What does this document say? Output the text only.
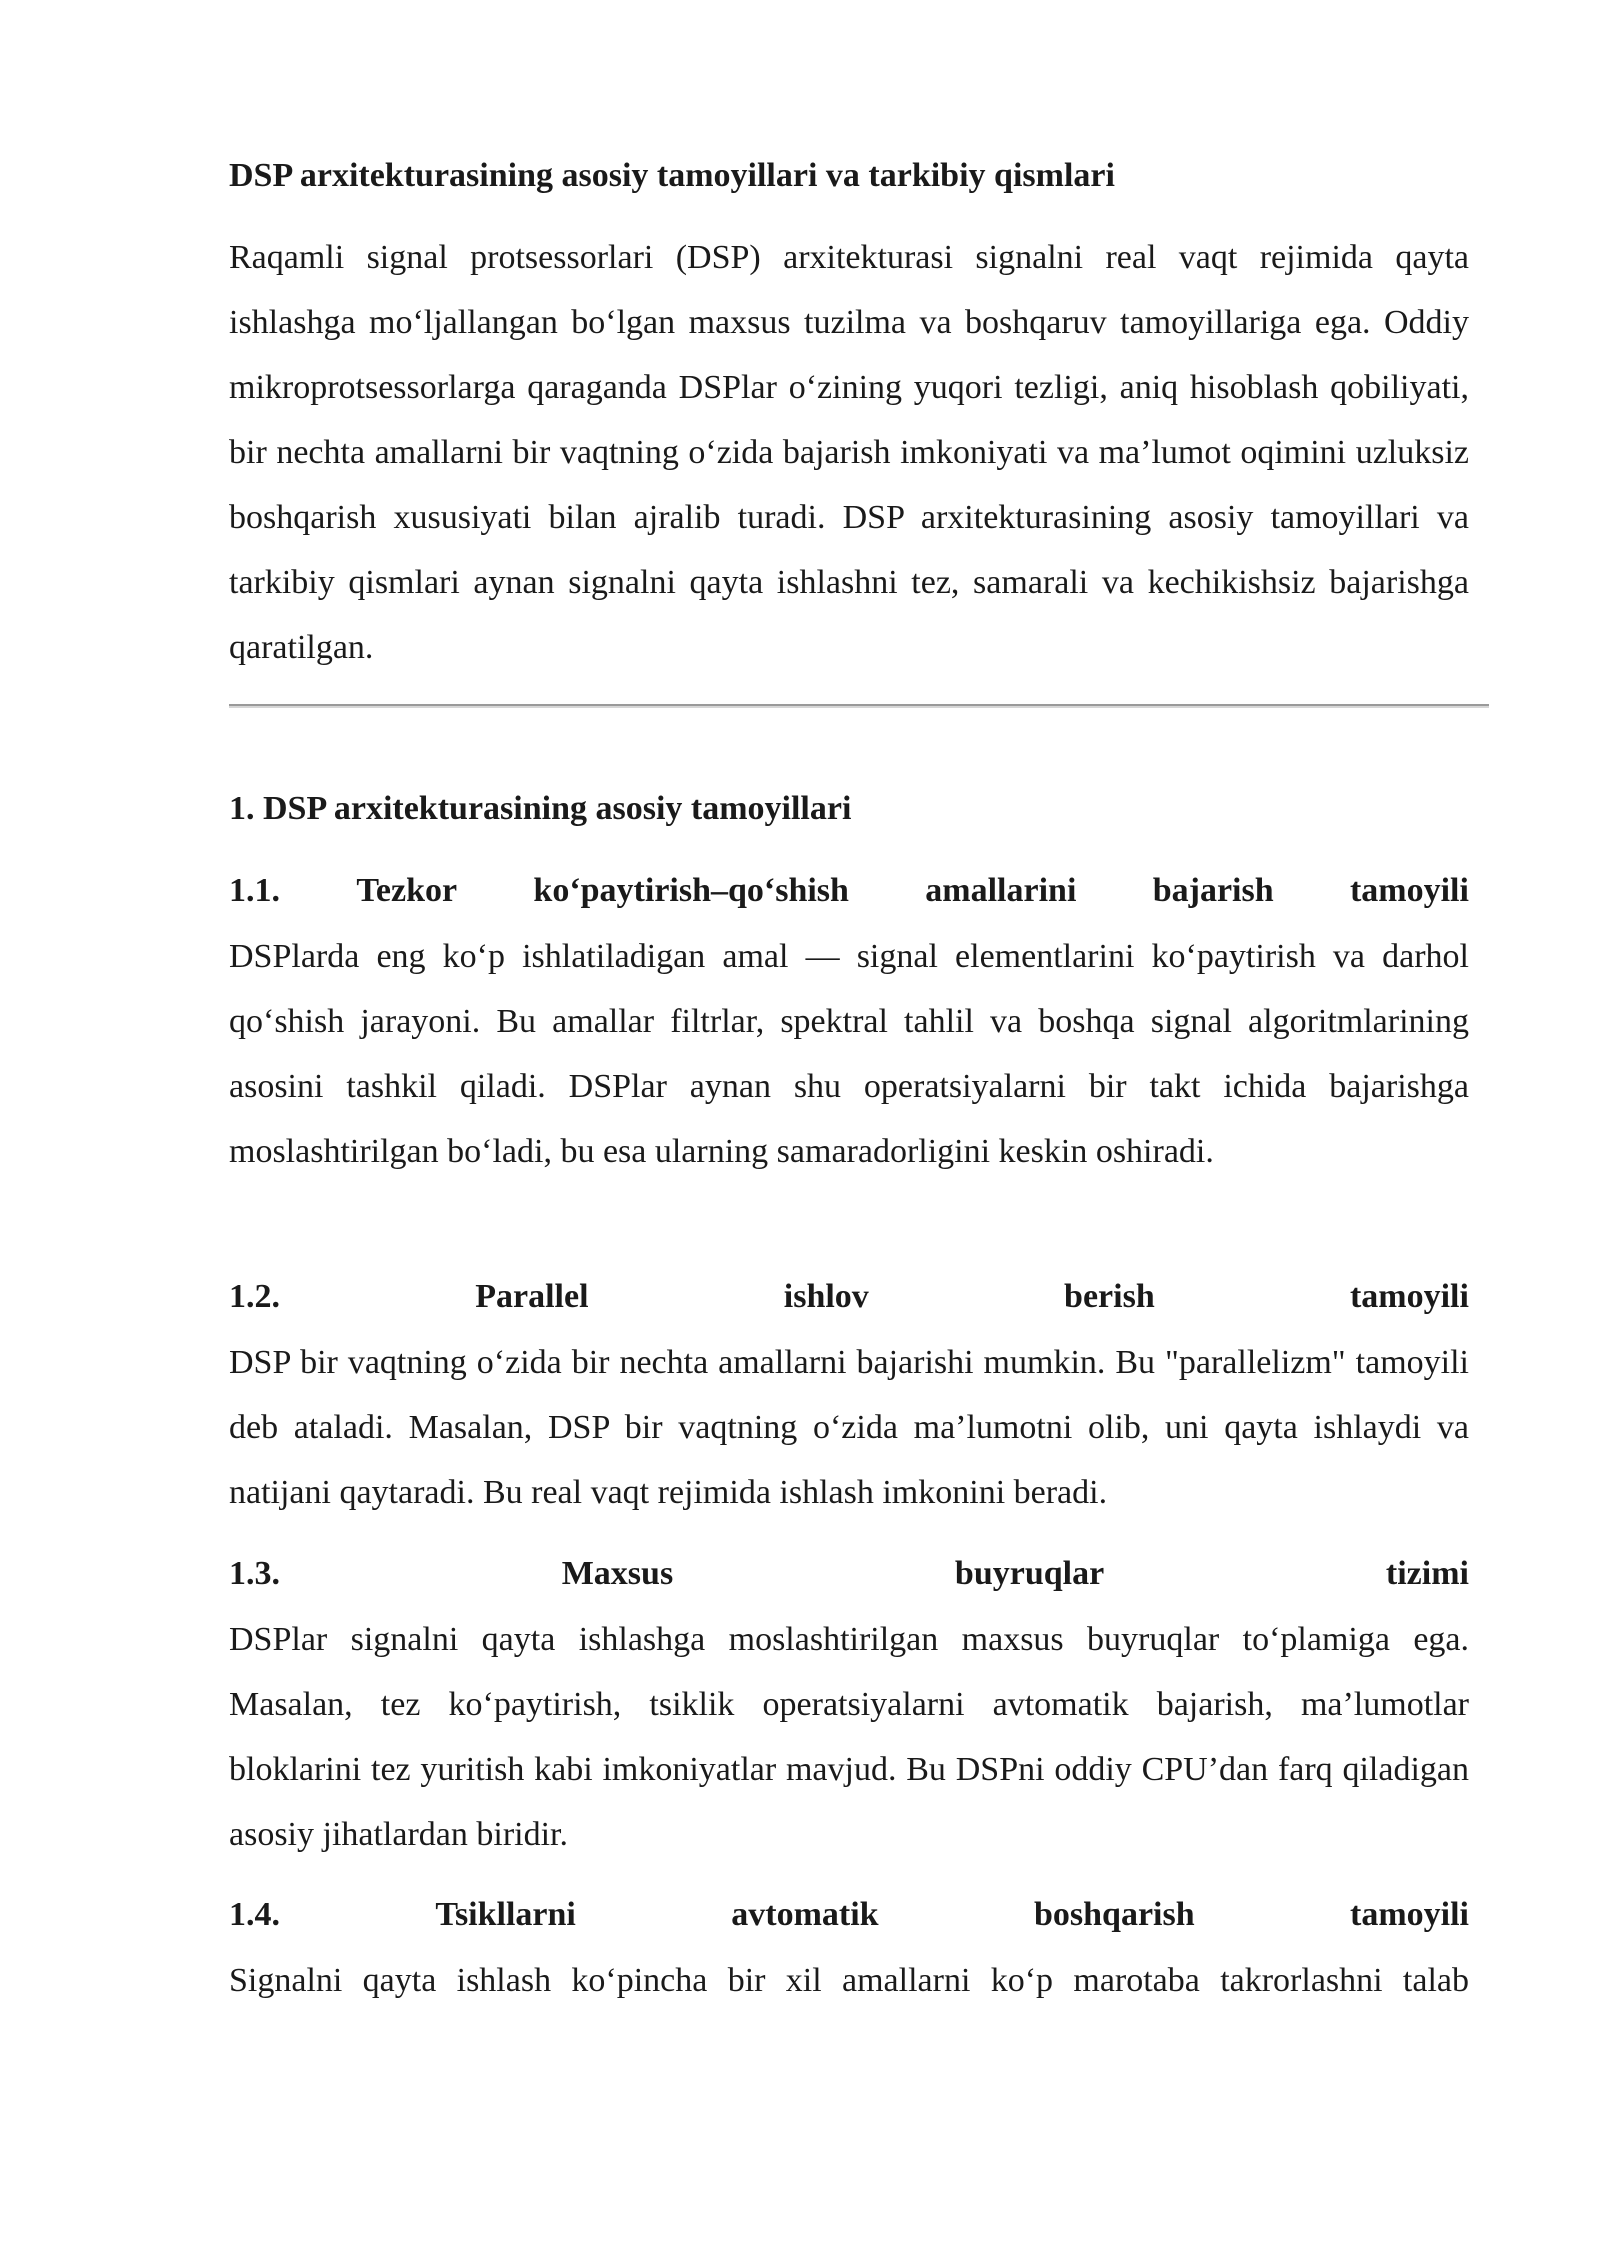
DSP arxitekturasining asosiy tamoyillari va tarkibiy qismlari

Raqamli signal protsessorlari (DSP) arxitekturasi signalni real vaqt rejimida qayta ishlashga mo‘ljallangan bo‘lgan maxsus tuzilma va boshqaruv tamoyillariga ega. Oddiy mikroprotsessorlarga qaraganda DSPlar o‘zining yuqori tezligi, aniq hisoblash qobiliyati, bir nechta amallarni bir vaqtning o‘zida bajarish imkoniyati va ma’lumot oqimini uzluksiz boshqarish xususiyati bilan ajralib turadi. DSP arxitekturasining asosiy tamoyillari va tarkibiy qismlari aynan signalni qayta ishlashni tez, samarali va kechikishsiz bajarishga qaratilgan.

1. DSP arxitekturasining asosiy tamoyillari
1.1. Tezkor ko‘paytirish–qo‘shish amallarini bajarish tamoyili

DSPlarda eng ko‘p ishlatiladigan amal — signal elementlarini ko‘paytirish va darhol qo‘shish jarayoni. Bu amallar filtrlar, spektral tahlil va boshqa signal algoritmlarining asosini tashkil qiladi. DSPlar aynan shu operatsiyalarni bir takt ichida bajarishga moslashtirilgan bo‘ladi, bu esa ularning samaradorligini keskin oshiradi.

1.2.	Parallel	ishlov	berish	tamoyili

DSP bir vaqtning o‘zida bir nechta amallarni bajarishi mumkin. Bu "parallelizm" tamoyili deb ataladi. Masalan, DSP bir vaqtning o‘zida ma’lumotni olib, uni qayta ishlaydi va natijani qaytaradi. Bu real vaqt rejimida ishlash imkonini beradi.

1.3.	Maxsus	buyruqlar	tizimi

DSPlar signalni qayta ishlashga moslashtirilgan maxsus buyruqlar to‘plamiga ega. Masalan, tez ko‘paytirish, tsiklik operatsiyalarni avtomatik bajarish, ma’lumotlar bloklarini tez yuritish kabi imkoniyatlar mavjud. Bu DSPni oddiy CPU’dan farq qiladigan asosiy jihatlardan biridir.

1.4.	Tsikllarni	avtomatik	boshqarish	tamoyili

Signalni qayta ishlash ko‘pincha bir xil amallarni ko‘p marotaba takrorlashni talab
